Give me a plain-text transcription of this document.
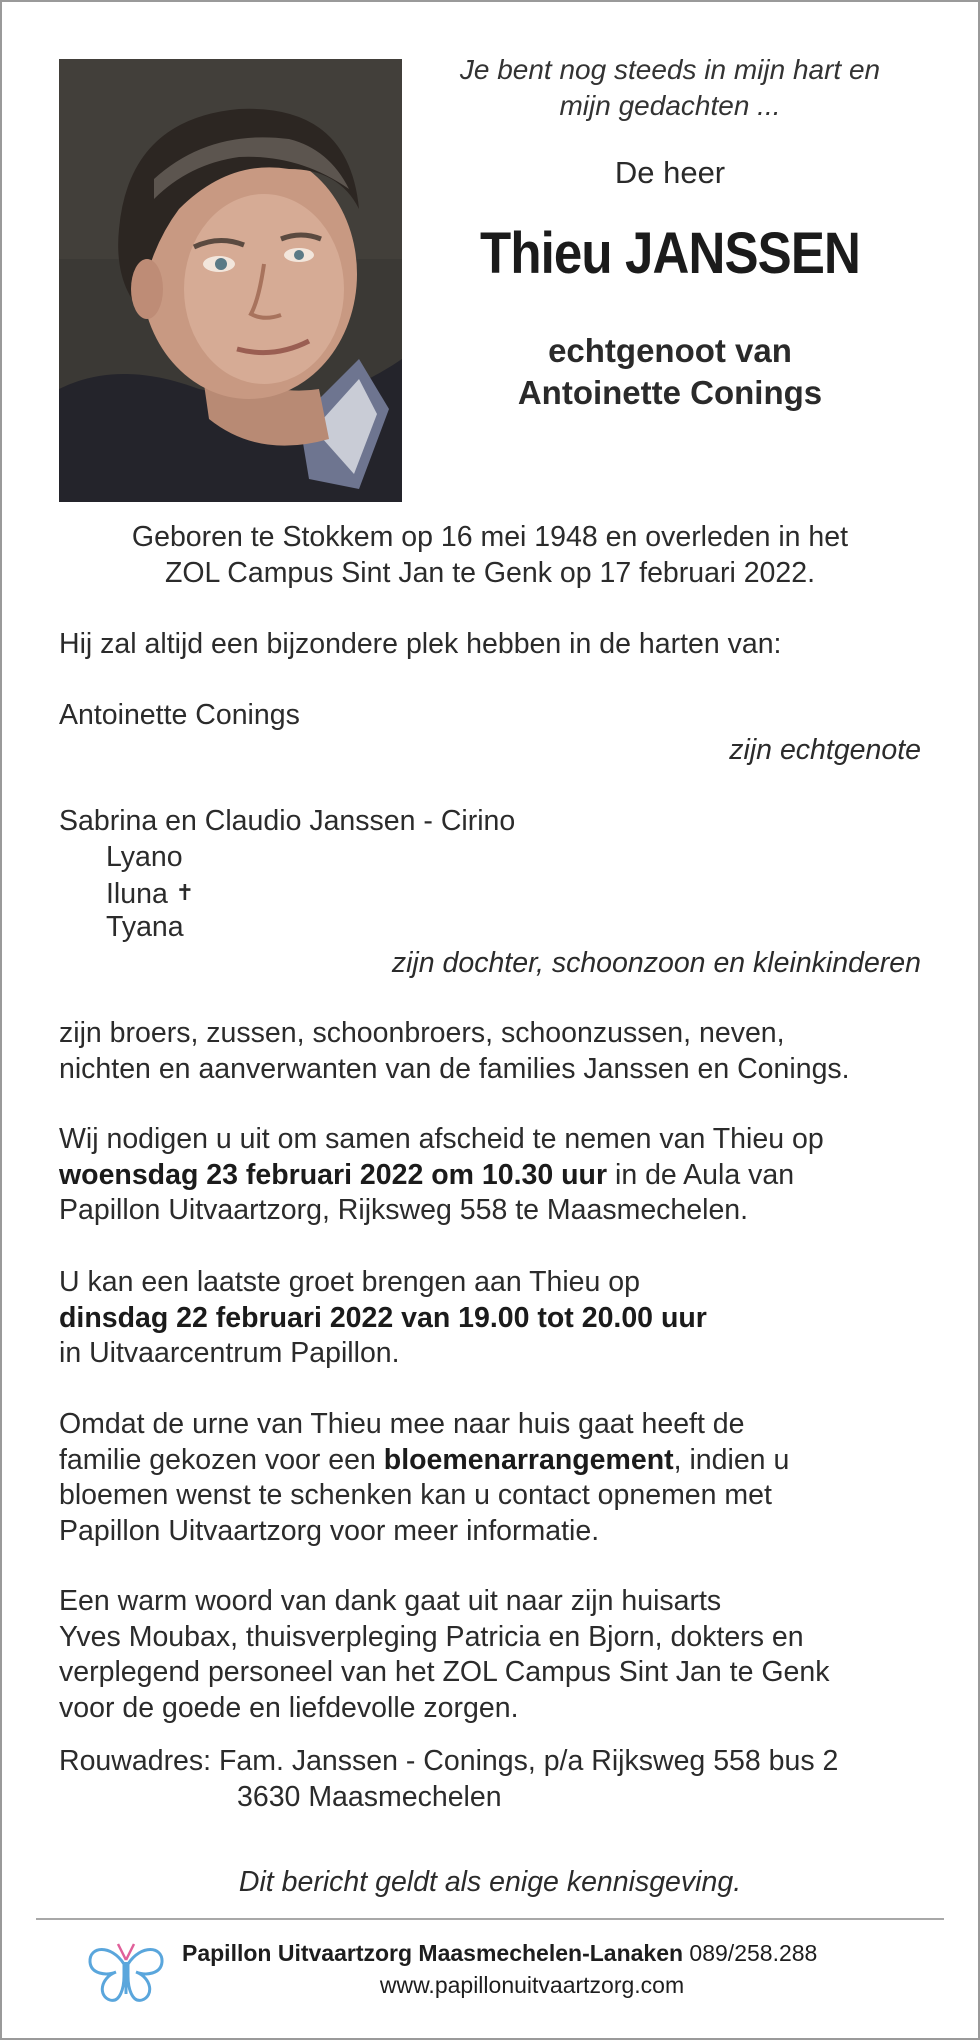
Je bent nog steeds in mijn hart en
mijn gedachten ...
De heer
Thieu JANSSEN
echtgenoot van
Antoinette Conings
Geboren te Stokkem op 16 mei 1948 en overleden in het
ZOL Campus Sint Jan te Genk op 17 februari 2022.
Hij zal altijd een bijzondere plek hebben in de harten van:
Antoinette Conings
zijn echtgenote
Sabrina en Claudio Janssen - Cirino
Lyano
Iluna ✝
Tyana
zijn dochter, schoonzoon en kleinkinderen
zijn broers, zussen, schoonbroers, schoonzussen, neven,
nichten en aanverwanten van de families Janssen en Conings.
Wij nodigen u uit om samen afscheid te nemen van Thieu op
woensdag 23 februari 2022 om 10.30 uur in de Aula van
Papillon Uitvaartzorg, Rijksweg 558 te Maasmechelen.
U kan een laatste groet brengen aan Thieu op
dinsdag 22 februari 2022 van 19.00 tot 20.00 uur
in Uitvaarcentrum Papillon.
Omdat de urne van Thieu mee naar huis gaat heeft de
familie gekozen voor een bloemenarrangement, indien u
bloemen wenst te schenken kan u contact opnemen met
Papillon Uitvaartzorg voor meer informatie.
Een warm woord van dank gaat uit naar zijn huisarts
Yves Moubax, thuisverpleging Patricia en Bjorn, dokters en
verplegend personeel van het ZOL Campus Sint Jan te Genk
voor de goede en liefdevolle zorgen.
Rouwadres: Fam. Janssen - Conings, p/a Rijksweg 558 bus 2
3630 Maasmechelen
Dit bericht geldt als enige kennisgeving.
Papillon Uitvaartzorg Maasmechelen-Lanaken 089/258.288
www.papillonuitvaartzorg.com
